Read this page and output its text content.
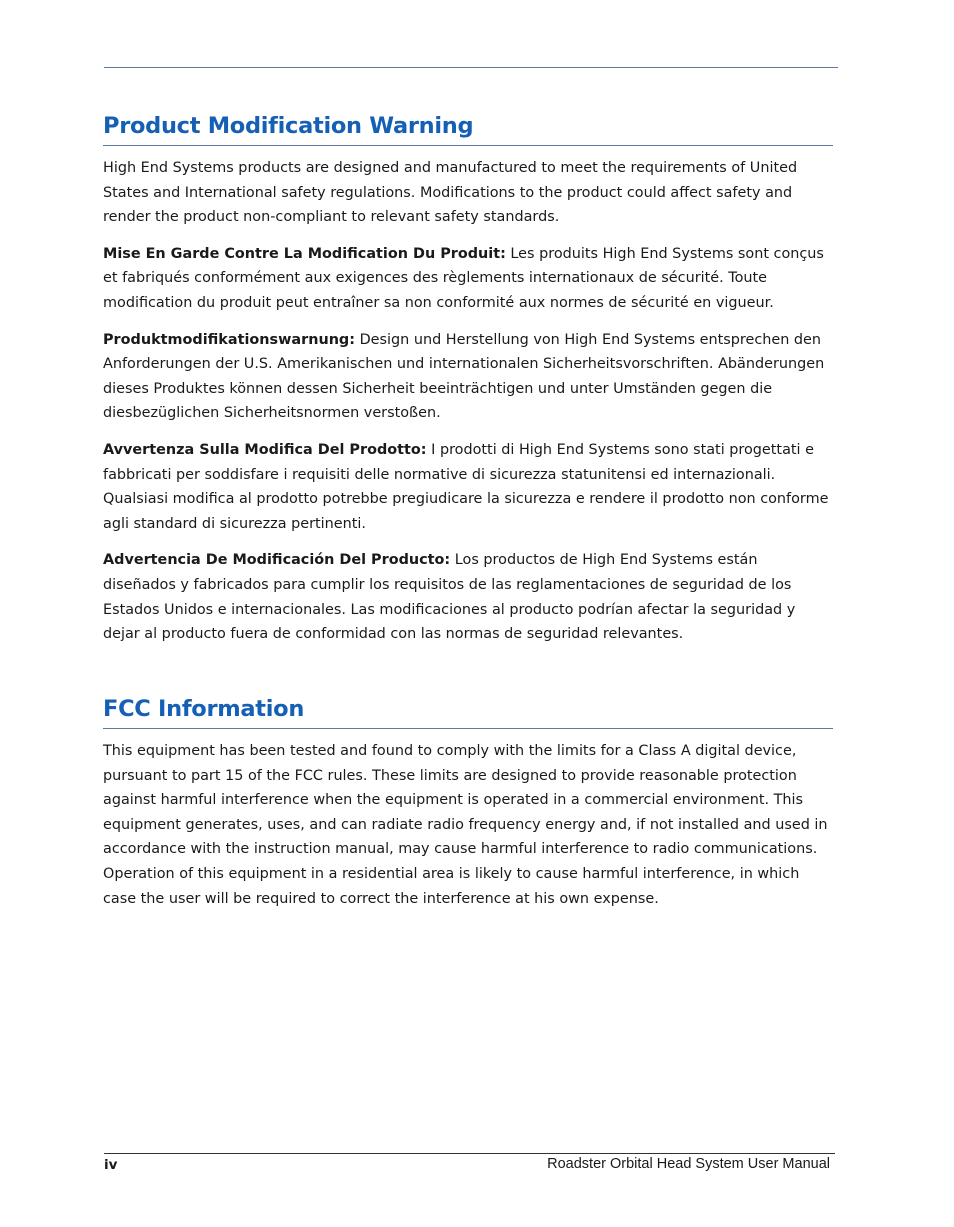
Product Modification Warning

High End Systems products are designed and manufactured to meet the requirements of United States and International safety regulations. Modifications to the product could affect safety and render the product non-compliant to relevant safety standards.

Mise En Garde Contre La Modification Du Produit: Les produits High End Systems sont conçus et fabriqués conformément aux exigences des règlements internationaux de sécurité. Toute modification du produit peut entraîner sa non conformité aux normes de sécurité en vigueur.

Produktmodifikationswarnung: Design und Herstellung von High End Systems entsprechen den Anforderungen der U.S. Amerikanischen und internationalen Sicherheitsvorschriften. Abänderungen dieses Produktes können dessen Sicherheit beeinträchtigen und unter Umständen gegen die diesbezüglichen Sicherheitsnormen verstoßen.

Avvertenza Sulla Modifica Del Prodotto: I prodotti di High End Systems sono stati progettati e fabbricati per soddisfare i requisiti delle normative di sicurezza statunitensi ed internazionali. Qualsiasi modifica al prodotto potrebbe pregiudicare la sicurezza e rendere il prodotto non conforme agli standard di sicurezza pertinenti.

Advertencia De Modificación Del Producto: Los productos de High End Systems están diseñados y fabricados para cumplir los requisitos de las reglamentaciones de seguridad de los Estados Unidos e internacionales. Las modificaciones al producto podrían afectar la seguridad y dejar al producto fuera de conformidad con las normas de seguridad relevantes.

FCC Information

This equipment has been tested and found to comply with the limits for a Class A digital device, pursuant to part 15 of the FCC rules. These limits are designed to provide reasonable protection against harmful interference when the equipment is operated in a commercial environment. This equipment generates, uses, and can radiate radio frequency energy and, if not installed and used in accordance with the instruction manual, may cause harmful interference to radio communications. Operation of this equipment in a residential area is likely to cause harmful interference, in which case the user will be required to correct the interference at his own expense.

iv	Roadster Orbital Head System User Manual
